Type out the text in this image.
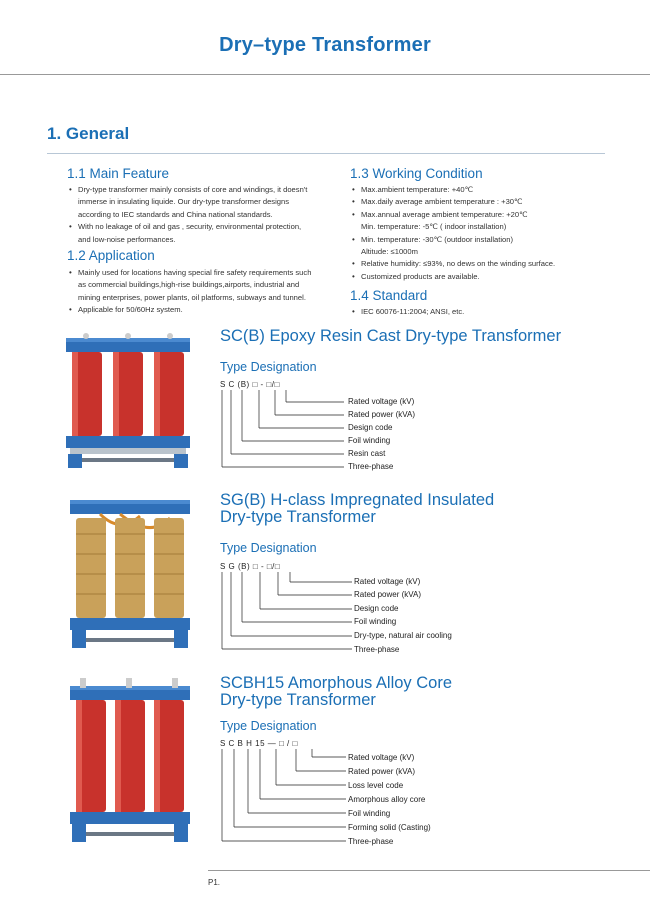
Dry–type Transformer
1. General
1.1 Main Feature
• Dry-type transformer mainly consists of core and windings, it doesn't
immerse in insulating liquide. Our dry-type transformer designs
according to IEC standards and China national standards.
• With no leakage of oil and gas , security, environmental protection,
and low-noise performances.
1.2 Application
• Mainly used for locations having special fire safety requirements such
as commercial buildings,high-rise buildings,airports, industrial and
mining enterprises, power plants, oil platforms, subways and tunnel.
• Applicable for 50/60Hz system.
1.3 Working Condition
• Max.ambient temperature: +40℃
• Max.daily average ambient temperature : +30℃
• Max.annual average ambient temperature: +20℃
Min. temperature: -5℃ ( indoor installation)
• Min. temperature: -30℃ (outdoor installation)
Altitude: ≤1000m
• Relative humidity: ≤93%, no dews on the winding surface.
• Customized products are available.
1.4 Standard
• IEC 60076-11:2004; ANSI, etc.
SC(B) Epoxy Resin Cast Dry-type Transformer
Type Designation
S C (B) □ - □/□
Rated voltage (kV)
Rated power (kVA)
Design code
Foil winding
Resin cast
Three-phase
SG(B) H-class Impregnated Insulated
Dry-type Transformer
Type Designation
S G (B) □ - □/□
Rated voltage (kV)
Rated power (kVA)
Design code
Foil winding
Dry-type, natural air cooling
Three-phase
SCBH15 Amorphous Alloy Core
Dry-type Transformer
Type Designation
S C B H 15 — □ / □
Rated voltage (kV)
Rated power (kVA)
Loss level code
Amorphous alloy core
Foil winding
Forming solid (Casting)
Three-phase
P1.
